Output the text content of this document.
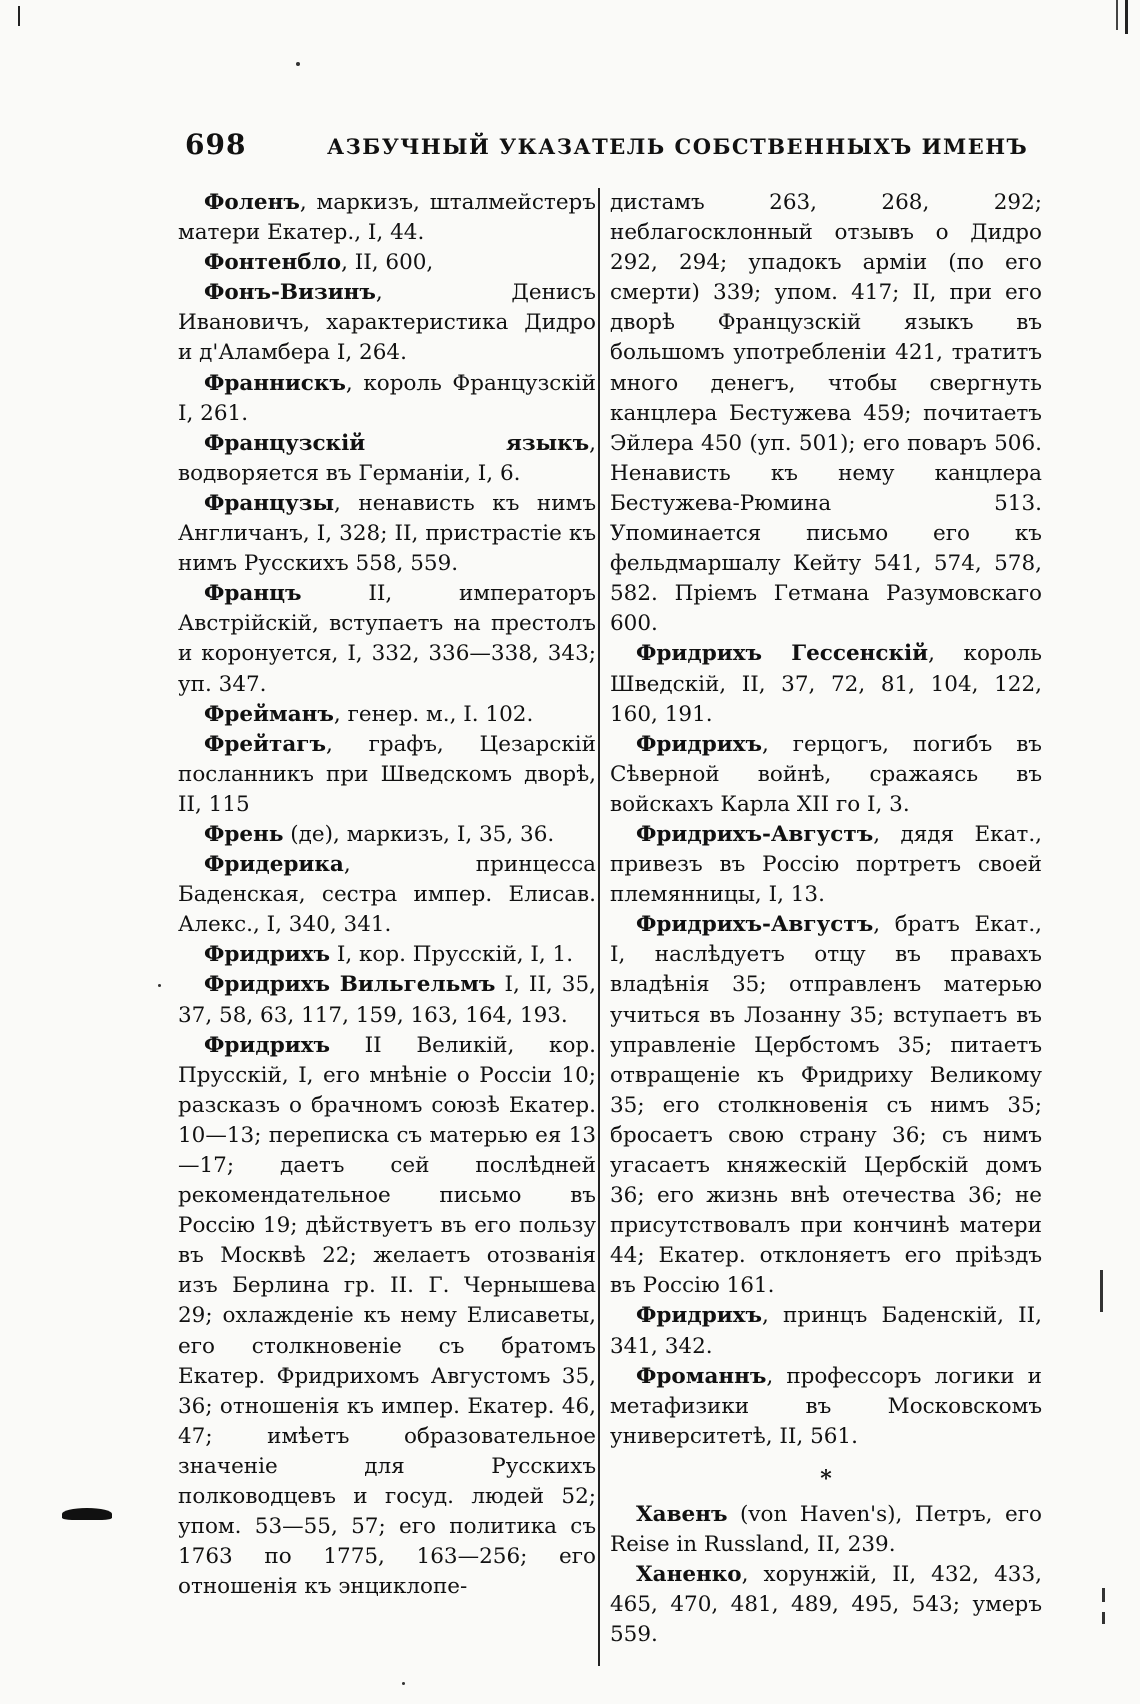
698	АЗБУЧНЫЙ УКАЗАТЕЛЬ СОБСТВЕННЫХЪ ИМЕНЪ

Фоленъ, маркизъ, шталмейстеръ матери Екатер., I, 44.

Фонтенбло, II, 600,

Фонъ-Визинъ, Денисъ Ивановичъ, характеристика Дидро и д'Аламбера I, 264.

Франнискъ, король Французскій I, 261.

Французскій языкъ, водворяется въ Германіи, I, 6.

Французы, ненависть къ нимъ Англичанъ, I, 328; II, пристрастіе къ нимъ Русскихъ 558, 559.

Францъ II, императоръ Австрійскій, вступаетъ на престолъ и коронуется, I, 332, 336—338, 343; уп. 347.

Фрейманъ, генер. м., I. 102.

Фрейтагъ, графъ, Цезарскій посланникъ при Шведскомъ дворѣ, II, 115

Френь (де), маркизъ, I, 35, 36.

Фридерика, принцесса Баденская, сестра импер. Елисав. Алекс., I, 340, 341.

Фридрихъ I, кор. Прусскій, I, 1.

Фридрихъ Вильгельмъ I, II, 35, 37, 58, 63, 117, 159, 163, 164, 193.

Фридрихъ II Великій, кор. Прусскій, I, его мнѣніе о Россіи 10; разсказъ о брачномъ союзѣ Екатер. 10—13; переписка съ матерью ея 13—17; даетъ сей послѣдней рекомендательное письмо въ Россію 19; дѣйствуетъ въ его пользу въ Москвѣ 22; желаетъ отозванія изъ Берлина гр. II. Г. Чернышева 29; охлажденіе къ нему Елисаветы, его столкновеніе съ братомъ Екатер. Фридрихомъ Августомъ 35, 36; отношенія къ импер. Екатер. 46, 47; имѣетъ образовательное значеніе для Русскихъ полководцевъ и госуд. людей 52; упом. 53—55, 57; его политика съ 1763 по 1775, 163—256; его отношенія къ энциклопе-

дистамъ 263, 268, 292; неблагосклонный отзывъ о Дидро 292, 294; упадокъ арміи (по его смерти) 339; упом. 417; II, при его дворѣ Французскій языкъ въ большомъ употребленіи 421, тратитъ много денегъ, чтобы свергнуть канцлера Бестужева 459; почитаетъ Эйлера 450 (уп. 501); его поваръ 506. Ненависть къ нему канцлера Бестужева-Рюмина 513. Упоминается письмо его къ фельдмаршалу Кейту 541, 574, 578, 582. Пріемъ Гетмана Разумовскаго 600.

Фридрихъ Гессенскій, король Шведскій, II, 37, 72, 81, 104, 122, 160, 191.

Фридрихъ, герцогъ, погибъ въ Сѣверной войнѣ, сражаясь въ войскахъ Карла XII го I, 3.

Фридрихъ-Августъ, дядя Екат., привезъ въ Россію портретъ своей племянницы, I, 13.

Фридрихъ-Августъ, братъ Екат., I, наслѣдуетъ отцу въ правахъ владѣнія 35; отправленъ матерью учиться въ Лозанну 35; вступаетъ въ управленіе Цербстомъ 35; питаетъ отвращеніе къ Фридриху Великому 35; его столкновенія съ нимъ 35; бросаетъ свою страну 36; съ нимъ угасаетъ княжескій Цербскій домъ 36; его жизнь внѣ отечества 36; не присутствовалъ при кончинѣ матери 44; Екатер. отклоняетъ его пріѣздъ въ Россію 161.

Фридрихъ, принцъ Баденскій, II, 341, 342.

Фроманнъ, профессоръ логики и метафизики въ Московскомъ университетѣ, II, 561.

*

Хавенъ (von Haven's), Петръ, его Reise in Russland, II, 239.

Ханенко, хорунжій, II, 432, 433, 465, 470, 481, 489, 495, 543; умеръ 559.
